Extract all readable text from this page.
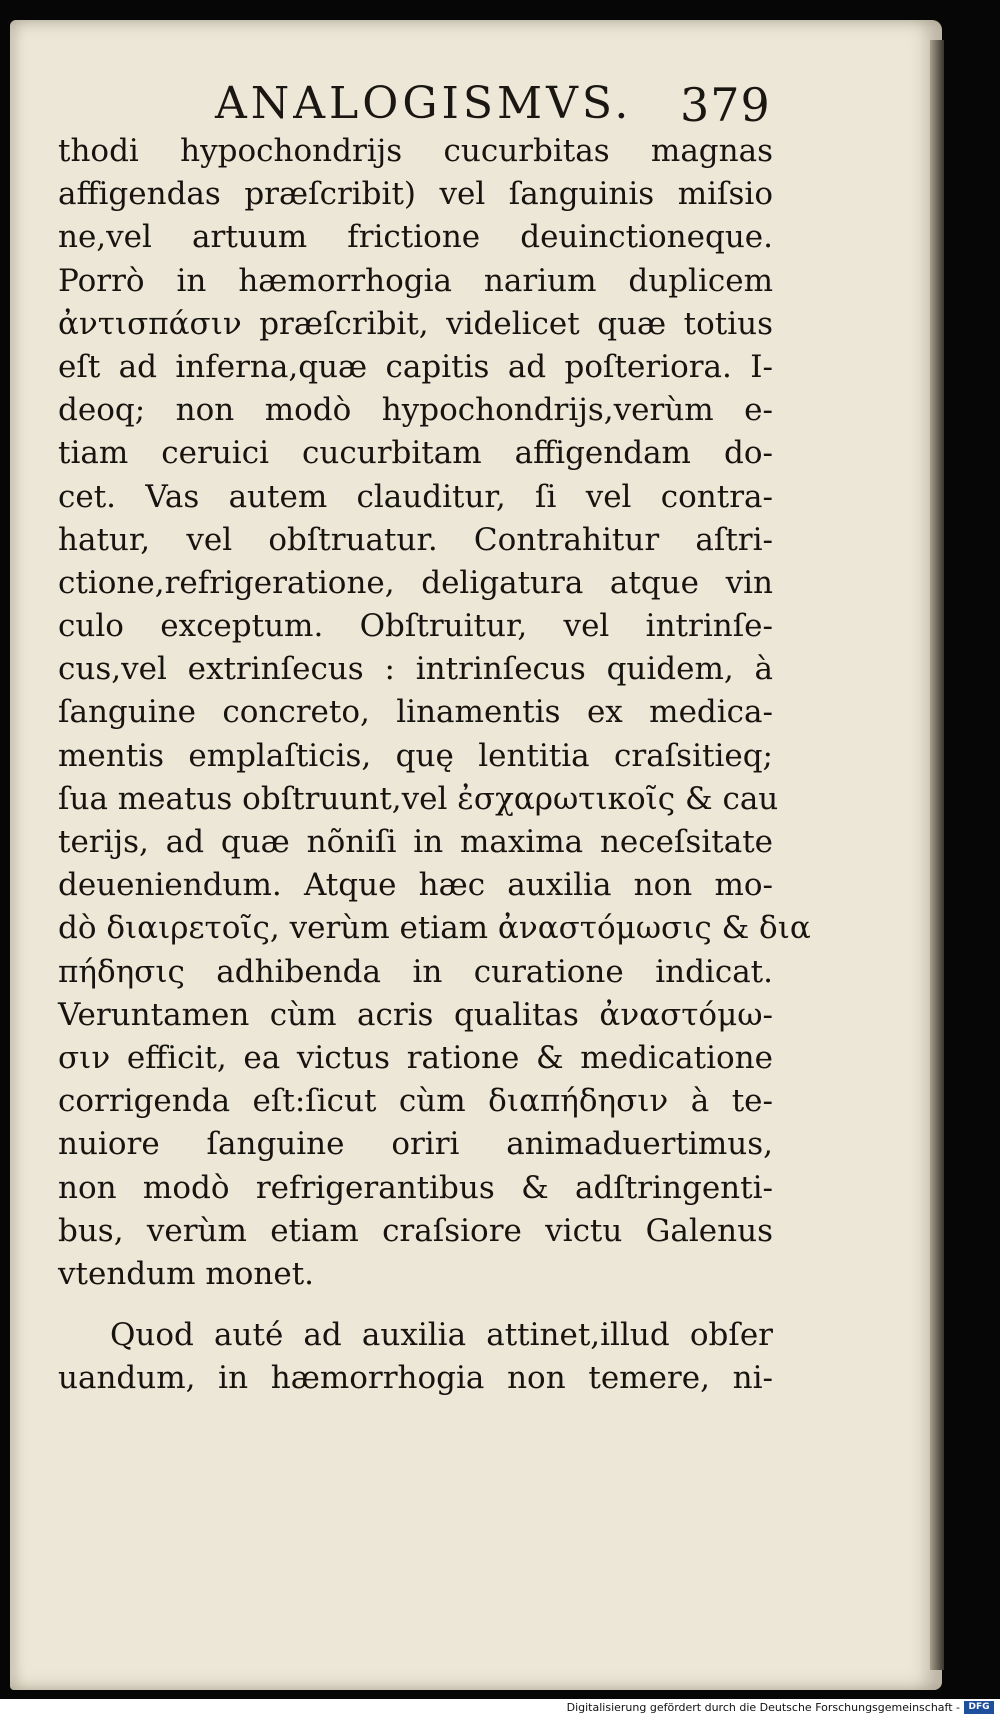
ANALOGISMVS. 379
thodi hypochondrijs cucurbitas magnas
affigendas præſcribit) vel ſanguinis miſsio
ne,vel artuum frictione deuinctioneque.
Porrò in hæmorrhogia narium duplicem
ἀντισπάσιν præſcribit, videlicet quæ totius
eſt ad inferna,quæ capitis ad poſteriora. I-
deoq; non modò hypochondrijs,verùm e-
tiam ceruici cucurbitam affigendam do-
cet. Vas autem clauditur, ſi vel contra-
hatur, vel obſtruatur. Contrahitur aſtri-
ctione,refrigeratione, deligatura atque vin
culo exceptum. Obſtruitur, vel intrinſe-
cus,vel extrinſecus : intrinſecus quidem, à
ſanguine concreto, linamentis ex medica-
mentis emplaſticis, quę lentitia craſsitieq;
ſua meatus obſtruunt,vel ἐσχαρωτικοῖς & cau
terijs, ad quæ nõniſi in maxima neceſsitate
deueniendum. Atque hæc auxilia non mo-
dò διαιρετοῖς, verùm etiam ἀναστόμωσις & δια
πήδησις adhibenda in curatione indicat.
Veruntamen cùm acris qualitas ἀναστόμω-
σιν efficit, ea victus ratione & medicatione
corrigenda eſt:ſicut cùm διαπήδησιν à te-
nuiore ſanguine oriri animaduertimus,
non modò refrigerantibus & adſtringenti-
bus, verùm etiam craſsiore victu Galenus
vtendum monet.
Quod auté ad auxilia attinet,illud obſer
uandum, in hæmorrhogia non temere, ni-
Digitalisierung gefördert durch die Deutsche Forschungsgemeinschaft - DFG
